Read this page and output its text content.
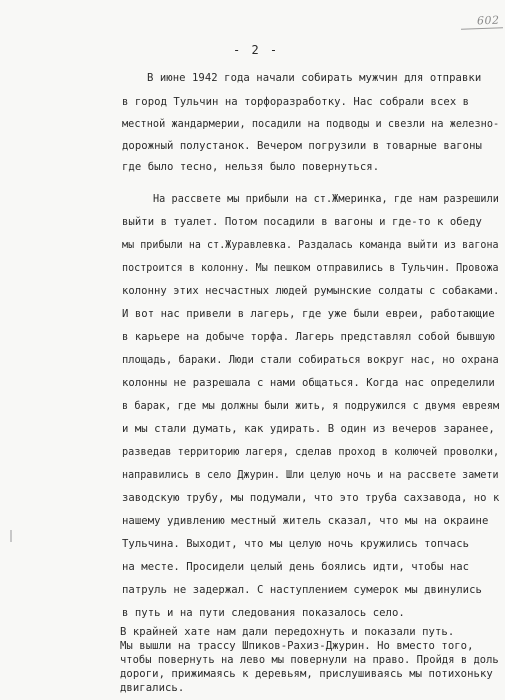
602
- 2 -
В июне 1942 года начали собирать мужчин для отправки
в город Тульчин на торфоразработку. Нас собрали всех в
местной жандармерии, посадили на подводы и свезли на железно-
дорожный полустанок. Вечером погрузили в товарные вагоны
где было тесно, нельзя было повернуться.
На рассвете мы прибыли на ст.Жмеринка, где нам разрешили
выйти в туалет. Потом посадили в вагоны и где-то к обеду
мы прибыли на ст.Журавлевка. Раздалась команда выйти из вагона
построится в колонну. Мы пешком отправились в Тульчин. Провожа
колонну этих несчастных людей румынские солдаты с собаками.
И вот нас привели в лагерь, где уже были евреи, работающие
в карьере на добыче торфа. Лагерь представлял собой бывшую
площадь, бараки. Люди стали собираться вокруг нас, но охрана
колонны не разрешала с нами общаться. Когда нас определили
в барак, где мы должны были жить, я подружился с двумя евреям
и мы стали думать, как удирать. В один из вечеров заранее,
разведав территорию лагеря, сделав проход в колючей проволки,
направились в село Джурин. Шли целую ночь и на рассвете замети
заводскую трубу, мы подумали, что это труба сахзавода, но к
нашему удивлению местный житель сказал, что мы на окраине
Тульчина. Выходит, что мы целую ночь кружились топчась
на месте. Просидели целый день боялись идти, чтобы нас
патруль не задержал. С наступлением сумерок мы двинулись
в путь и на пути следования показалось село.
В крайней хате нам дали передохнуть и показали путь.
Мы вышли на трассу Шпиков-Рахиз-Джурин. Но вместо того,
чтобы повернуть на лево мы повернули на право. Пройдя в доль
дороги, прижимаясь к деревьям, прислушиваясь мы потихоньку
двигались.
